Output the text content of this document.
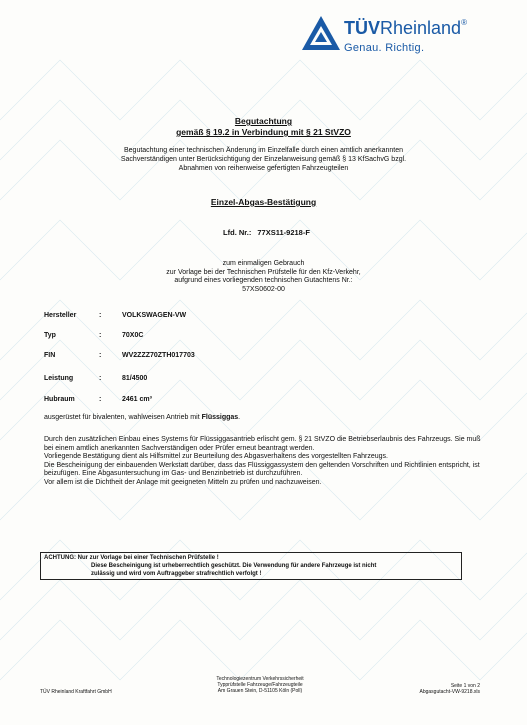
TÜVRheinland®
Genau. Richtig.
Begutachtung
gemäß § 19.2 in Verbindung mit § 21 StVZO
Begutachtung einer technischen Änderung im Einzelfalle durch einen amtlich anerkannten
Sachverständigen unter Berücksichtigung der Einzelanweisung gemäß § 13 KfSachvG bzgl.
Abnahmen von reihenweise gefertigten Fahrzeugteilen
Einzel-Abgas-Bestätigung
Lfd. Nr.: 77XS11-9218-F
zum einmaligen Gebrauch
zur Vorlage bei der Technischen Prüfstelle für den Kfz-Verkehr,
aufgrund eines vorliegenden technischen Gutachtens Nr.:
57XS0602-00
Hersteller	:	VOLKSWAGEN-VW
Typ	:	70X0C
FIN	:	WV2ZZZ70ZTH017703
Leistung	:	81/4500
Hubraum	:	2461 cm³
ausgerüstet für bivalenten, wahlweisen Antrieb mit Flüssiggas.

Durch den zusätzlichen Einbau eines Systems für Flüssiggasantrieb erlischt gem. § 21 StVZO die Betriebserlaubnis des Fahrzeugs. Sie muß bei einem amtlich anerkannten Sachverständigen oder Prüfer erneut beantragt werden.

Vorliegende Bestätigung dient als Hilfsmittel zur Beurteilung des Abgasverhaltens des vorgestellten Fahrzeugs.

Die Bescheinigung der einbauenden Werkstatt darüber, dass das Flüssiggassystem den geltenden Vorschriften und Richtlinien entspricht, ist beizufügen. Eine Abgasuntersuchung im Gas- und Benzinbetrieb ist durchzuführen.

Vor allem ist die Dichtheit der Anlage mit geeigneten Mitteln zu prüfen und nachzuweisen.

ACHTUNG: Nur zur Vorlage bei einer Technischen Prüfstelle !
Diese Bescheinigung ist urheberrechtlich geschützt. Die Verwendung für andere Fahrzeuge ist nicht
zulässig und wird vom Auftraggeber strafrechtlich verfolgt !
TÜV Rheinland Kraftfahrt GmbH
Technologiezentrum Verkehrssicherheit
Typprüfstelle Fahrzeuge/Fahrzeugteile
Am Grauen Stein, D-51105 Köln (Poll)
Seite 1 von 2
Abgasgutacht-VW-9218.xls
